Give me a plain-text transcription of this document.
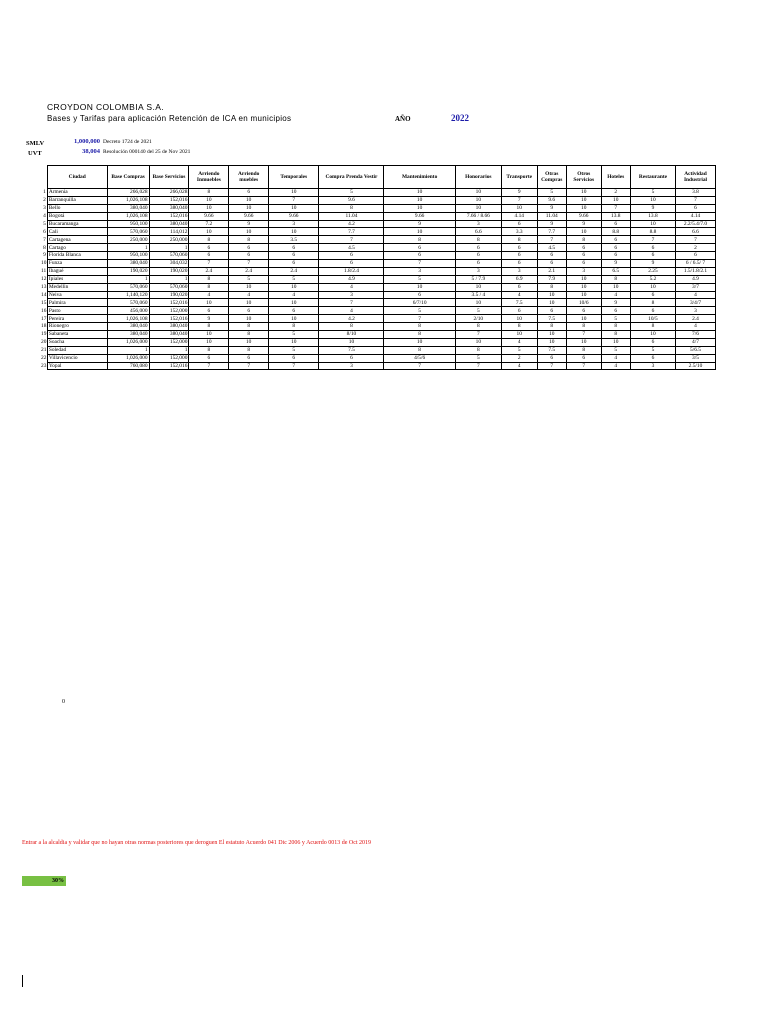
CROYDON COLOMBIA S.A.
Bases y Tarifas para aplicación Retención de ICA en municipios	AÑO	2022
SMLV	1,000,000 Decreto 1724 de 2021
UVT	38,004 Resolución 000140 del 25 de Nov 2021
	Ciudad	Base Compras	Base Servicios	Arriendo Inmuebles	Arriendo muebles	Temporales	Compra Prenda Vestir	Mantenimiento	Honorarios	Transporte	Otras Compras	Otros Servicios	Hoteles	Restaurante	Actividad Industrial
1	Armenia	266,028	266,028	8	6	10	5	10	10	9	5	10	2	5	3.8
2	Barranquilla	1,026,108	152,016	10	10	7	9.6	10	10	7	9.6	10	10	10	7
3	Bello	380,040	380,040	10	10	10	8	10	10	10	9	10	7	9	6
4	Bogotá	1,026,108	152,016	9.66	9.66	9.66	11.04	9.66	7.66 / 8.66	4.14	11.04	9.66	13.8	13.8	4.14
5	Bucaramanga	950,100	380,040	7.2	9	3	4.2	9	3	6	9	9	6	10	2.2/5.4/7.0
6	Cali	570,060	114,012	10	10	10	7.7	10	6.6	3.3	7.7	10	8.8	8.8	6.6
7	Cartagena	250,000	250,000	8	8	3.5	7	8	8	8	7	8	6	7	7
8	Cartago	1	1	6	6	6	4.5	6	6	6	4.5	6	6	6	2
9	Florida Blanca	950,100	570,060	6	6	6	6	6	6	6	6	6	6	6	6
10	Funza	380,040	304,032	7	7	6	6	7	6	6	6	6	9	9	6 / 6.5/ 7
11	Ibagué	190,020	190,020	2.4	2.4	2.4	1.8/2.4	3	3	3	2.1	3	6.5	2.25	1.5/1.8/2.1
12	Ipiales	1	1	8	5	5	4.9	5	5 / 7.9	6.9	7.9	10	8	5.2	4.9
13	Medellin	570,060	570,060	8	10	10	4	10	10	6	8	10	10	10	3/7
14	Neiva	1,140,120	190,020	4	4	4	3	6	3.5 / 4	4	10	10	4	6	4
15	Palmira	570,060	152,016	10	10	10	7	6/7/10	10	7.5	10	10/6	9	8	3/4/7
16	Pasto	456,000	152,000	6	6	6	4	5	5	6	6	6	6	6	3
17	Pereira	1,026,108	152,016	9	10	10	4.2	7	2/10	10	7.5	10	5	10/5	2.4
18	Rionegro	380,040	380,040	8	8	8	8	8	8	8	8	8	8	8	4
19	Sabaneta	380,040	380,040	10	8	5	8/10	8	7	10	10	7	8	10	7/6
20	Soacha	1,026,000	152,000	10	10	10	10	10	10	4	10	10	10	6	4/7
21	Soledad	1	1	8	8	5	7.5	8	8	5	7.5	8	5	5	5/6.5
22	Villavicencio	1,026,000	152,000	6	6	6	6	4/5/6	5	2	6	6	4	6	3/5
23	Yopal	760,080	152,016	7	7	7	3	7	7	4	7	7	4	3	2.5/10
0
Entrar a la alcaldia y validar que no hayan otras normas posteriores que deroguen El estatuto Acuerdo 041 Dic 2006 y Acuerdo 0013 de Oct 2019
30%
